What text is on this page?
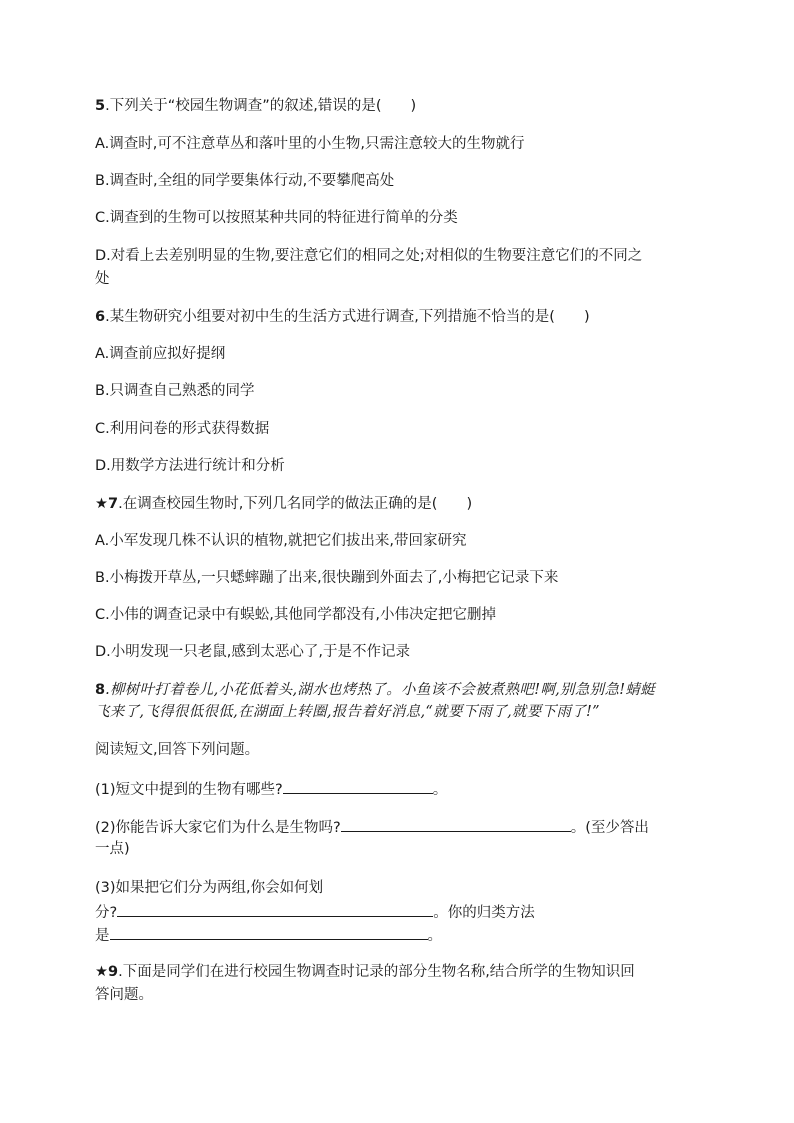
5.下列关于“校园生物调查”的叙述,错误的是(　　)
A.调查时,可不注意草丛和落叶里的小生物,只需注意较大的生物就行
B.调查时,全组的同学要集体行动,不要攀爬高处
C.调查到的生物可以按照某种共同的特征进行简单的分类
D.对看上去差别明显的生物,要注意它们的相同之处;对相似的生物要注意它们的不同之
处
6.某生物研究小组要对初中生的生活方式进行调查,下列措施不恰当的是(　　)
A.调查前应拟好提纲
B.只调查自己熟悉的同学
C.利用问卷的形式获得数据
D.用数学方法进行统计和分析
★7.在调查校园生物时,下列几名同学的做法正确的是(　　)
A.小军发现几株不认识的植物,就把它们拔出来,带回家研究
B.小梅拨开草丛,一只蟋蟀蹦了出来,很快蹦到外面去了,小梅把它记录下来
C.小伟的调查记录中有蜈蚣,其他同学都没有,小伟决定把它删掉
D.小明发现一只老鼠,感到太恶心了,于是不作记录
8.柳树叶打着卷儿,小花低着头,湖水也烤热了。小鱼该不会被煮熟吧!啊,别急别急!蜻蜓
飞来了,飞得很低很低,在湖面上转圈,报告着好消息,“就要下雨了,就要下雨了!”
阅读短文,回答下列问题。
(1)短文中提到的生物有哪些?	。
(2)你能告诉大家它们为什么是生物吗?	。(至少答出
一点)
(3)如果把它们分为两组,你会如何划
分?	。你的归类方法
是	。
★9.下面是同学们在进行校园生物调查时记录的部分生物名称,结合所学的生物知识回
答问题。
